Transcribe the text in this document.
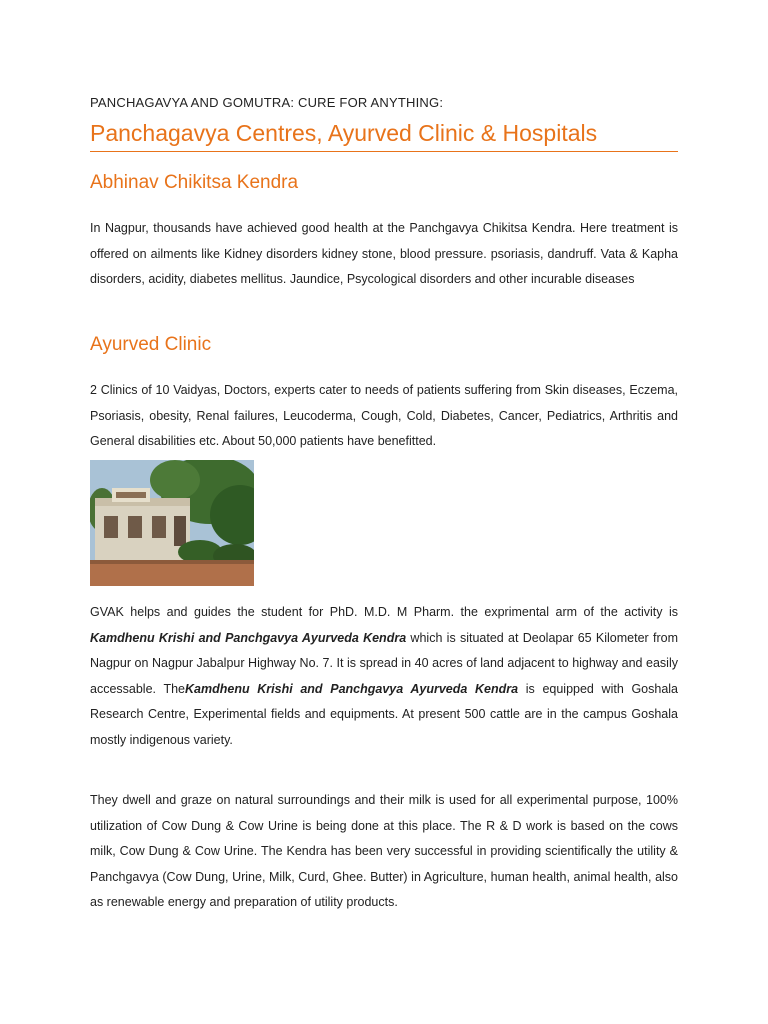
PANCHAGAVYA AND GOMUTRA: CURE FOR ANYTHING:
Panchagavya Centres, Ayurved Clinic & Hospitals
Abhinav Chikitsa Kendra
In Nagpur, thousands have achieved good health at the Panchgavya Chikitsa Kendra. Here treatment is offered on ailments like Kidney disorders kidney stone, blood pressure. psoriasis, dandruff. Vata & Kapha disorders, acidity, diabetes mellitus. Jaundice, Psycological disorders and other incurable diseases
Ayurved Clinic
2 Clinics of 10 Vaidyas, Doctors, experts cater to needs of patients suffering from Skin diseases, Eczema, Psoriasis, obesity, Renal failures, Leucoderma, Cough, Cold, Diabetes, Cancer, Pediatrics, Arthritis and General disabilities etc. About 50,000 patients have benefitted.
GVAK helps and guides the student for PhD. M.D. M Pharm. the exprimental arm of the activity is Kamdhenu Krishi and Panchgavya Ayurveda Kendra which is situated at Deolapar 65 Kilometer from Nagpur on Nagpur Jabalpur Highway No. 7. It is spread in 40 acres of land adjacent to highway and easily accessable. TheKamdhenu Krishi and Panchgavya Ayurveda Kendra is equipped with Goshala Research Centre, Experimental fields and equipments. At present 500 cattle are in the campus Goshala mostly indigenous variety.
They dwell and graze on natural surroundings and their milk is used for all experimental purpose, 100% utilization of Cow Dung & Cow Urine is being done at this place. The R & D work is based on the cows milk, Cow Dung & Cow Urine. The Kendra has been very successful in providing scientifically the utility & Panchgavya (Cow Dung, Urine, Milk, Curd, Ghee. Butter) in Agriculture, human health, animal health, also as renewable energy and preparation of utility products.
